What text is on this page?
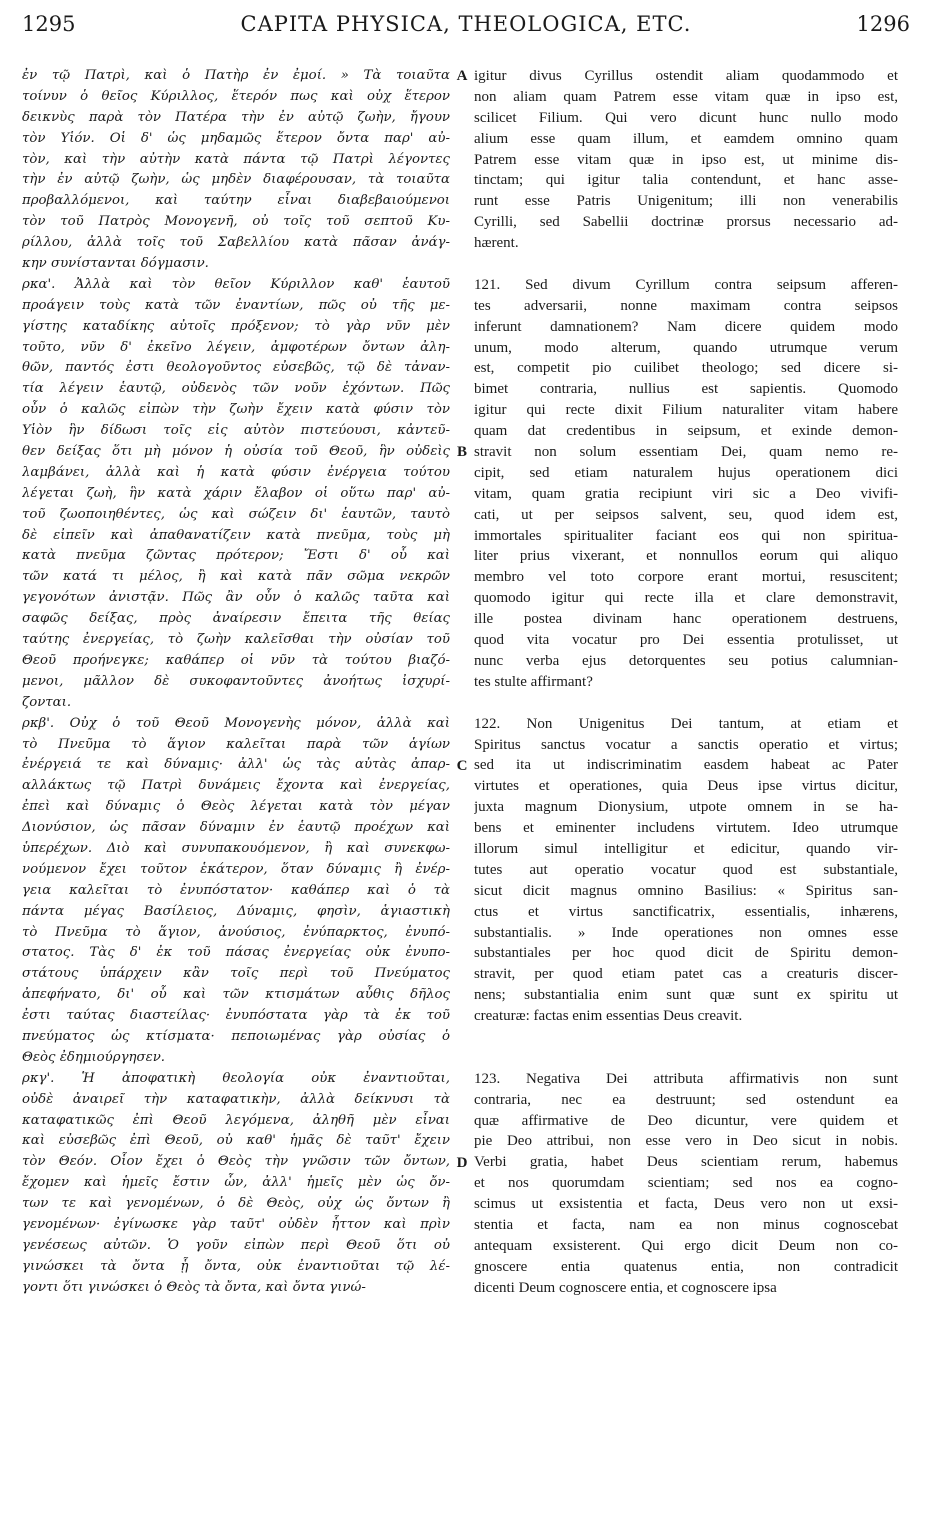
1295	CAPITA PHYSICA, THEOLOGICA, ETC.	1296
ἐν τῷ Πατρὶ, καὶ ὁ Πατὴρ ἐν ἐμοί. » Τὰ τοιαῦτα
τοίνυν ὁ θεῖος Κύριλλος, ἕτερόν πως καὶ οὐχ ἕτερον
δεικνὺς παρὰ τὸν Πατέρα τὴν ἐν αὐτῷ ζωὴν, ἤγουν
τὸν Υἱόν. Οἱ δ' ὡς μηδαμῶς ἕτερον ὄντα παρ' αὐ-
τὸν, καὶ τὴν αὐτὴν κατὰ πάντα τῷ Πατρὶ λέγοντες
τὴν ἐν αὐτῷ ζωὴν, ὡς μηδὲν διαφέρουσαν, τὰ τοιαῦτα
προβαλλόμενοι, καὶ ταύτην εἶναι διαβεβαιούμενοι
τὸν τοῦ Πατρὸς Μονογενῆ, οὐ τοῖς τοῦ σεπτοῦ Κυ-
ρίλλου, ἀλλὰ τοῖς τοῦ Σαβελλίου κατὰ πᾶσαν ἀνάγ-
κην συνίστανται δόγμασιν.
ρκα'. Ἀλλὰ καὶ τὸν θεῖον Κύριλλον καθ' ἑαυτοῦ
προάγειν τοὺς κατὰ τῶν ἐναντίων, πῶς οὐ τῆς με-
γίστης καταδίκης αὐτοῖς πρόξενον; τὸ γὰρ νῦν μὲν
τοῦτο, νῦν δ' ἐκεῖνο λέγειν, ἀμφοτέρων ὄντων ἀλη-
θῶν, παντός ἐστι θεολογοῦντος εὐσεβῶς, τῷ δὲ τἀναν-
τία λέγειν ἑαυτῷ, οὐδενὸς τῶν νοῦν ἐχόντων. Πῶς
οὖν ὁ καλῶς εἰπὼν τὴν ζωὴν ἔχειν κατὰ φύσιν τὸν
Υἱὸν ἣν δίδωσι τοῖς εἰς αὐτὸν πιστεύουσι, κἀντεῦ-
θεν δείξας ὅτι μὴ μόνον ἡ οὐσία τοῦ Θεοῦ, ἣν οὐδεὶς
λαμβάνει, ἀλλὰ καὶ ἡ κατὰ φύσιν ἐνέργεια τούτου
λέγεται ζωὴ, ἣν κατὰ χάριν ἔλαβον οἱ οὕτω παρ' αὐ-
τοῦ ζωοποιηθέντες, ὡς καὶ σώζειν δι' ἑαυτῶν, ταυτὸ
δὲ εἰπεῖν καὶ ἀπαθανατίζειν κατὰ πνεῦμα, τοὺς μὴ
κατὰ πνεῦμα ζῶντας πρότερον; Ἔστι δ' οὗ καὶ
τῶν κατά τι μέλος, ἢ καὶ κατὰ πᾶν σῶμα νεκρῶν
γεγονότων ἀνιστᾷν. Πῶς ἂν οὖν ὁ καλῶς ταῦτα καὶ
σαφῶς δείξας, πρὸς ἀναίρεσιν ἔπειτα τῆς θείας
ταύτης ἐνεργείας, τὸ ζωὴν καλεῖσθαι τὴν οὐσίαν τοῦ
Θεοῦ προήνεγκε; καθάπερ οἱ νῦν τὰ τούτου βιαζό-
μενοι, μᾶλλον δὲ συκοφαντοῦντες ἀνοήτως ἰσχυρί-
ζονται.
ρκβ'. Οὐχ ὁ τοῦ Θεοῦ Μονογενὴς μόνον, ἀλλὰ καὶ
τὸ Πνεῦμα τὸ ἅγιον καλεῖται παρὰ τῶν ἁγίων
ἐνέργειά τε καὶ δύναμις· ἀλλ' ὡς τὰς αὐτὰς ἀπαρ-
αλλάκτως τῷ Πατρὶ δυνάμεις ἔχοντα καὶ ἐνεργείας,
ἐπεὶ καὶ δύναμις ὁ Θεὸς λέγεται κατὰ τὸν μέγαν
Διονύσιον, ὡς πᾶσαν δύναμιν ἐν ἑαυτῷ προέχων καὶ
ὑπερέχων. Διὸ καὶ συνυπακουόμενον, ἢ καὶ συνεκφω-
νούμενον ἔχει τοῦτον ἑκάτερον, ὅταν δύναμις ἢ ἐνέρ-
γεια καλεῖται τὸ ἐνυπόστατον· καθάπερ καὶ ὁ τὰ
πάντα μέγας Βασίλειος, Δύναμις, φησὶν, ἁγιαστικὴ
τὸ Πνεῦμα τὸ ἅγιον, ἀνούσιος, ἐνύπαρκτος, ἐνυπό-
στατος. Τὰς δ' ἐκ τοῦ πάσας ἐνεργείας οὐκ ἐνυπο-
στάτους ὑπάρχειν κἂν τοῖς περὶ τοῦ Πνεύματος
ἀπεφήνατο, δι' οὗ καὶ τῶν κτισμάτων αὖθις δῆλος
ἐστι ταύτας διαστείλας· ἐνυπόστατα γὰρ τὰ ἐκ τοῦ
πνεύματος ὡς κτίσματα· πεποιωμένας γὰρ οὐσίας ὁ
Θεὸς ἐδημιούργησεν.
ρκγ'. Ἡ ἀποφατικὴ θεολογία οὐκ ἐναντιοῦται,
οὐδὲ ἀναιρεῖ τὴν καταφατικὴν, ἀλλὰ δείκνυσι τὰ
καταφατικῶς ἐπὶ Θεοῦ λεγόμενα, ἀληθῆ μὲν εἶναι
καὶ εὐσεβῶς ἐπὶ Θεοῦ, οὐ καθ' ἡμᾶς δὲ ταῦτ' ἔχειν
τὸν Θεόν. Οἷον ἔχει ὁ Θεὸς τὴν γνῶσιν τῶν ὄντων,
ἔχομεν καὶ ἡμεῖς ἔστιν ὧν, ἀλλ' ἡμεῖς μὲν ὡς ὄν-
των τε καὶ γενομένων, ὁ δὲ Θεὸς, οὐχ ὡς ὄντων ἢ
γενομένων· ἐγίνωσκε γὰρ ταῦτ' οὐδὲν ἧττον καὶ πρὶν
γενέσεως αὐτῶν. Ὁ γοῦν εἰπὼν περὶ Θεοῦ ὅτι οὐ
γινώσκει τὰ ὄντα ᾗ ὄντα, οὐκ ἐναντιοῦται τῷ λέ-
γοντι ὅτι γινώσκει ὁ Θεὸς τὰ ὄντα, καὶ ὄντα γινώ-
igitur divus Cyrillus ostendit aliam quodammodo et
non aliam quam Patrem esse vitam quæ in ipso est,
scilicet Filium. Qui vero dicunt hunc nullo modo
alium esse quam illum, et eamdem omnino quam
Patrem esse vitam quæ in ipso est, ut minime dis-
tinctam; qui igitur talia contendunt, et hanc asse-
runt esse Patris Unigenitum; illi non venerabilis
Cyrilli, sed Sabellii doctrinæ prorsus necessario ad-
hærent.
121. Sed divum Cyrillum contra seipsum afferen-
tes adversarii, nonne maximam contra seipsos
inferunt damnationem? Nam dicere quidem modo
unum, modo alterum, quando utrumque verum
est, competit pio cuilibet theologo; sed dicere si-
bimet contraria, nullius est sapientis. Quomodo
igitur qui recte dixit Filium naturaliter vitam habere
quam dat credentibus in seipsum, et exinde demon-
stravit non solum essentiam Dei, quam nemo re-
cipit, sed etiam naturalem hujus operationem dici
vitam, quam gratia recipiunt viri sic a Deo vivifi-
cati, ut per seipsos salvent, seu, quod idem est,
immortales spiritualiter faciant eos qui non spiritua-
liter prius vixerant, et nonnullos eorum qui aliquo
membro vel toto corpore erant mortui, resuscitent;
quomodo igitur qui recte illa et clare demonstravit,
ille postea divinam hanc operationem destruens,
quod vita vocatur pro Dei essentia protulisset, ut
nunc verba ejus detorquentes seu potius calumnian-
tes stulte affirmant?
122. Non Unigenitus Dei tantum, at etiam et
Spiritus sanctus vocatur a sanctis operatio et virtus;
sed ita ut indiscriminatim easdem habeat ac Pater
virtutes et operationes, quia Deus ipse virtus dicitur,
juxta magnum Dionysium, utpote omnem in se ha-
bens et eminenter includens virtutem. Ideo utrumque
illorum simul intelligitur et edicitur, quando vir-
tutes aut operatio vocatur quod est substantiale,
sicut dicit magnus omnino Basilius: « Spiritus san-
ctus et virtus sanctificatrix, essentialis, inhærens,
substantialis. » Inde operationes non omnes esse
substantiales per hoc quod dicit de Spiritu demon-
stravit, per quod etiam patet cas a creaturis discer-
nens; substantialia enim sunt quæ sunt ex spiritu ut
creaturæ: factas enim essentias Deus creavit.
123. Negativa Dei attributa affirmativis non sunt
contraria, nec ea destruunt; sed ostendunt ea
quæ affirmative de Deo dicuntur, vere quidem et
pie Deo attribui, non esse vero in Deo sicut in nobis.
Verbi gratia, habet Deus scientiam rerum, habemus
et nos quorumdam scientiam; sed nos ea cogno-
scimus ut exsistentia et facta, Deus vero non ut exsi-
stentia et facta, nam ea non minus cognoscebat
antequam exsisterent. Qui ergo dicit Deum non co-
gnoscere entia quatenus entia, non contradicit
dicenti Deum cognoscere entia, et cognoscere ipsa
A
B
C
D
